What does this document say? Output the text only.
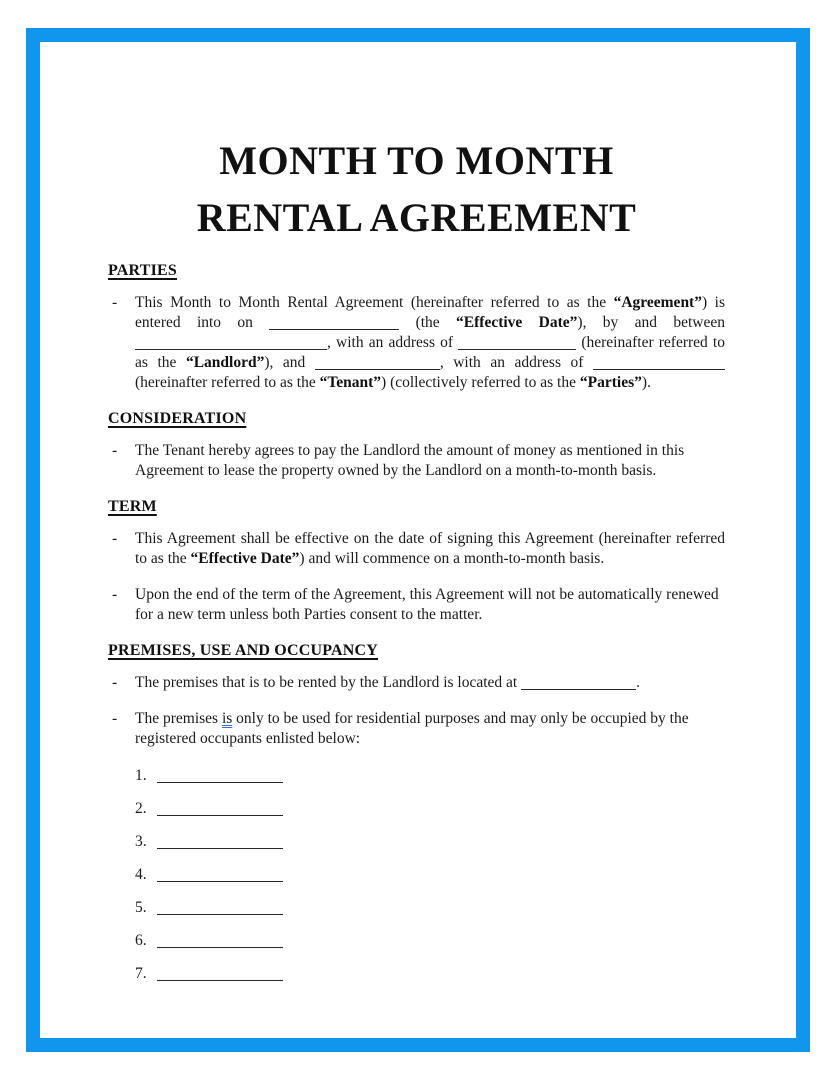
MONTH TO MONTH
RENTAL AGREEMENT
PARTIES
- This Month to Month Rental Agreement (hereinafter referred to as the “Agreement”) is entered into on	(the “Effective Date”), by and between , with an address of	(hereinafter referred to as the “Landlord”), and	, with an address of  (hereinafter referred to as the “Tenant”) (collectively referred to as the “Parties”).
CONSIDERATION
- The Tenant hereby agrees to pay the Landlord the amount of money as mentioned in this Agreement to lease the property owned by the Landlord on a month-to-month basis.
TERM
- This Agreement shall be effective on the date of signing this Agreement (hereinafter referred to as the “Effective Date”) and will commence on a month-to-month basis.
- Upon the end of the term of the Agreement, this Agreement will not be automatically renewed for a new term unless both Parties consent to the matter.
PREMISES, USE AND OCCUPANCY
- The premises that is to be rented by the Landlord is located at	.
- The premises is only to be used for residential purposes and may only be occupied by the registered occupants enlisted below:
1.
2.
3.
4.
5.
6.
7.
